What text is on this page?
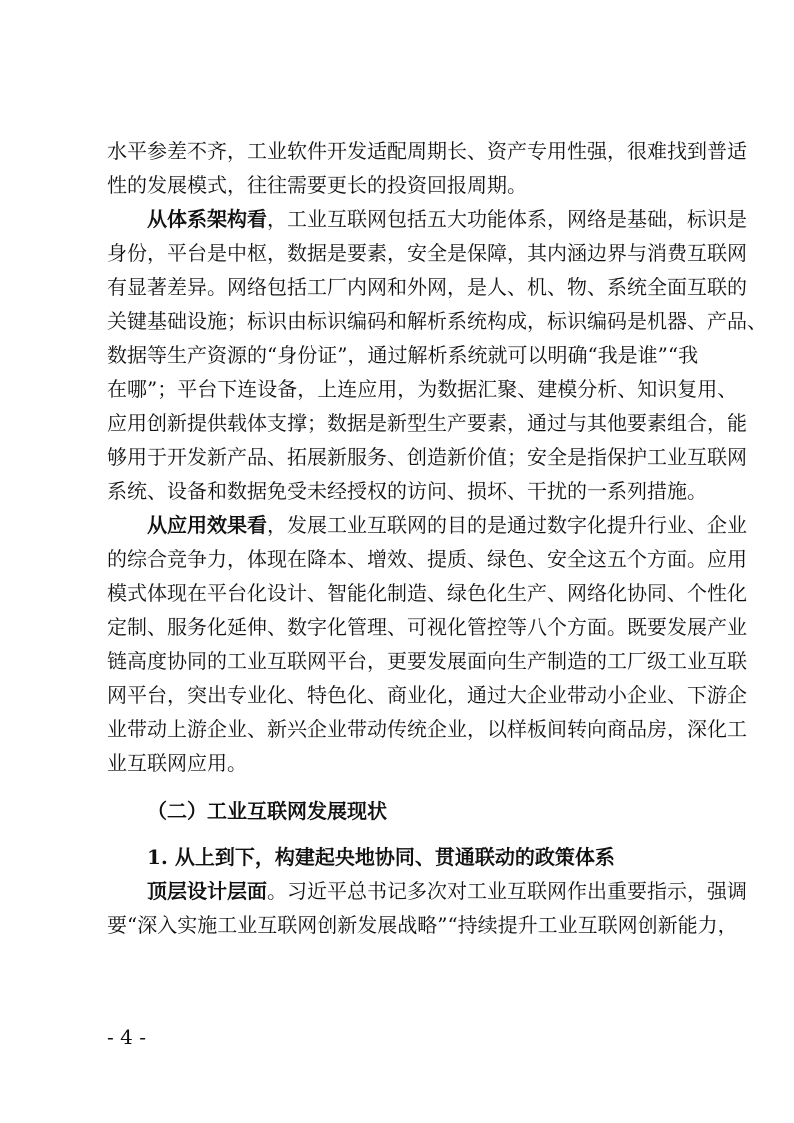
水平参差不齐，工业软件开发适配周期长、资产专用性强，很难找到普适
性的发展模式，往往需要更长的投资回报周期。
从体系架构看，工业互联网包括五大功能体系，网络是基础，标识是
身份，平台是中枢，数据是要素，安全是保障，其内涵边界与消费互联网
有显著差异。网络包括工厂内网和外网，是人、机、物、系统全面互联的
关键基础设施；标识由标识编码和解析系统构成，标识编码是机器、产品、
数据等生产资源的“身份证”，通过解析系统就可以明确“我是谁”“我
在哪”；平台下连设备，上连应用，为数据汇聚、建模分析、知识复用、
应用创新提供载体支撑；数据是新型生产要素，通过与其他要素组合，能
够用于开发新产品、拓展新服务、创造新价值；安全是指保护工业互联网
系统、设备和数据免受未经授权的访问、损坏、干扰的一系列措施。
从应用效果看，发展工业互联网的目的是通过数字化提升行业、企业
的综合竞争力，体现在降本、增效、提质、绿色、安全这五个方面。应用
模式体现在平台化设计、智能化制造、绿色化生产、网络化协同、个性化
定制、服务化延伸、数字化管理、可视化管控等八个方面。既要发展产业
链高度协同的工业互联网平台，更要发展面向生产制造的工厂级工业互联
网平台，突出专业化、特色化、商业化，通过大企业带动小企业、下游企
业带动上游企业、新兴企业带动传统企业，以样板间转向商品房，深化工
业互联网应用。
（二）工业互联网发展现状
1. 从上到下，构建起央地协同、贯通联动的政策体系
顶层设计层面。习近平总书记多次对工业互联网作出重要指示，强调
要“深入实施工业互联网创新发展战略”“持续提升工业互联网创新能力，
- 4 -
